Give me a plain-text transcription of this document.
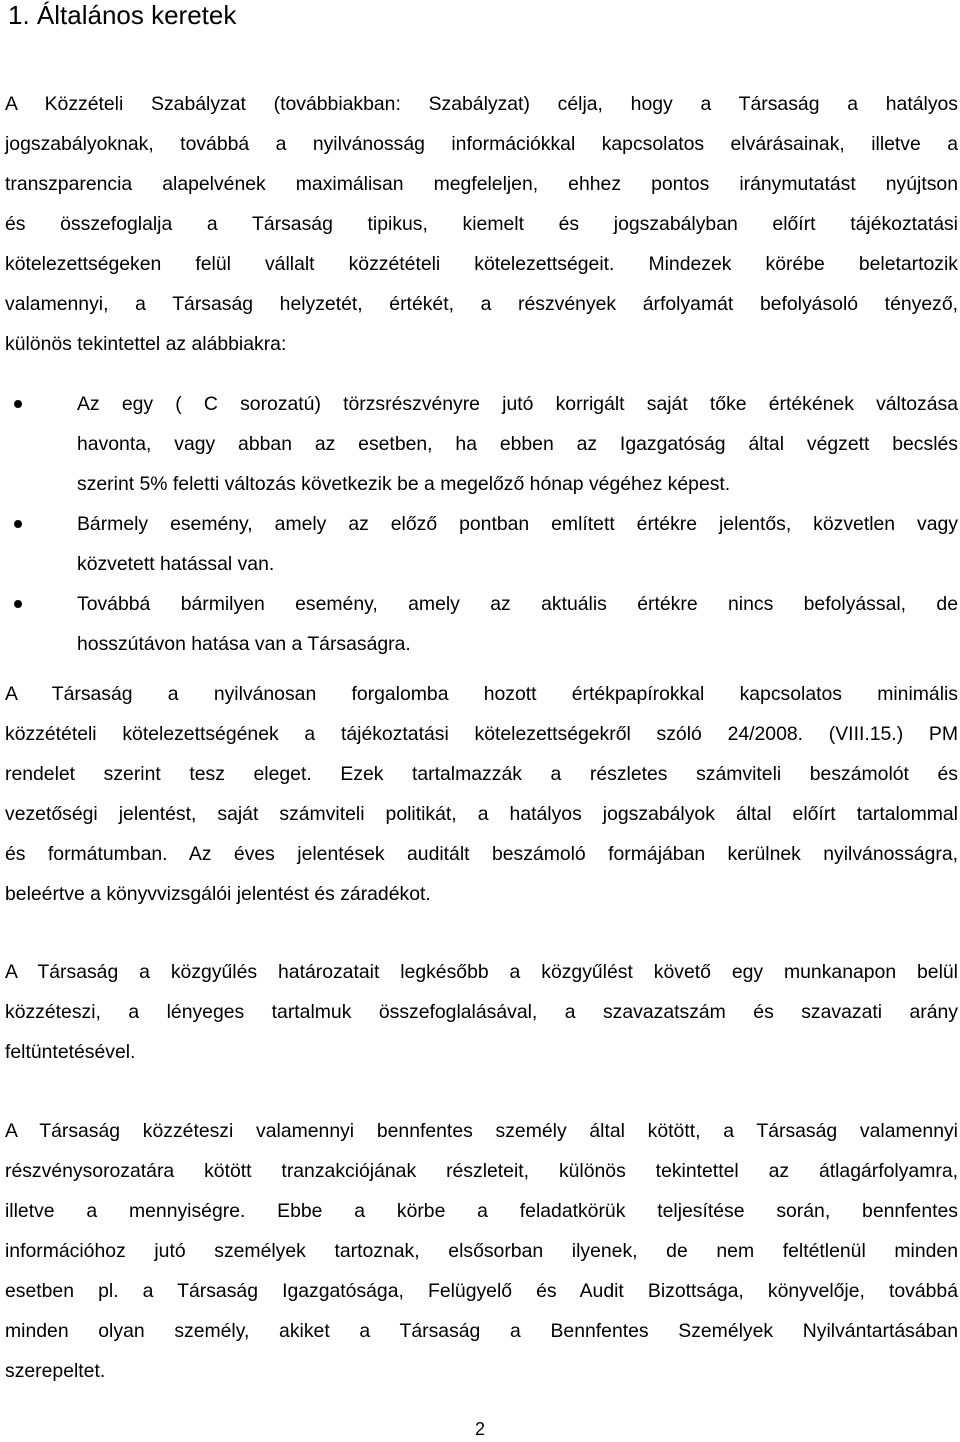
1. Általános keretek
A Közzételi Szabályzat (továbbiakban: Szabályzat) célja, hogy a Társaság a hatályos
jogszabályoknak, továbbá a nyilvánosság információkkal kapcsolatos elvárásainak, illetve a
transzparencia alapelvének maximálisan megfeleljen, ehhez pontos iránymutatást nyújtson
és összefoglalja a Társaság tipikus, kiemelt és jogszabályban előírt tájékoztatási
kötelezettségeken felül vállalt közzétételi kötelezettségeit. Mindezek körébe beletartozik
valamennyi, a Társaság helyzetét, értékét, a részvények árfolyamát befolyásoló tényező,
különös tekintettel az alábbiakra:
Az egy ( C sorozatú) törzsrészvényre jutó korrigált saját tőke értékének változása
havonta, vagy abban az esetben, ha ebben az Igazgatóság által végzett becslés
szerint 5% feletti változás következik be a megelőző hónap végéhez képest.
Bármely esemény, amely az előző pontban említett értékre jelentős, közvetlen vagy
közvetett hatással van.
Továbbá bármilyen esemény, amely az aktuális értékre nincs befolyással, de
hosszútávon hatása van a Társaságra.
A Társaság a nyilvánosan forgalomba hozott értékpapírokkal kapcsolatos minimális
közzétételi kötelezettségének a tájékoztatási kötelezettségekről szóló 24/2008. (VIII.15.) PM
rendelet szerint tesz eleget. Ezek tartalmazzák a részletes számviteli beszámolót és
vezetőségi jelentést, saját számviteli politikát, a hatályos jogszabályok által előírt tartalommal
és formátumban. Az éves jelentések auditált beszámoló formájában kerülnek nyilvánosságra,
beleértve a könyvvizsgálói jelentést és záradékot.
A Társaság a közgyűlés határozatait legkésőbb a közgyűlést követő egy munkanapon belül
közzéteszi, a lényeges tartalmuk összefoglalásával, a szavazatszám és szavazati arány
feltüntetésével.
A Társaság közzéteszi valamennyi bennfentes személy által kötött, a Társaság valamennyi
részvénysorozatára kötött tranzakciójának részleteit, különös tekintettel az átlagárfolyamra,
illetve a mennyiségre. Ebbe a körbe a feladatkörük teljesítése során, bennfentes
információhoz jutó személyek tartoznak, elsősorban ilyenek, de nem feltétlenül minden
esetben pl. a Társaság Igazgatósága, Felügyelő és Audit Bizottsága, könyvelője, továbbá
minden olyan személy, akiket a Társaság a Bennfentes Személyek Nyilvántartásában
szerepeltet.
2
